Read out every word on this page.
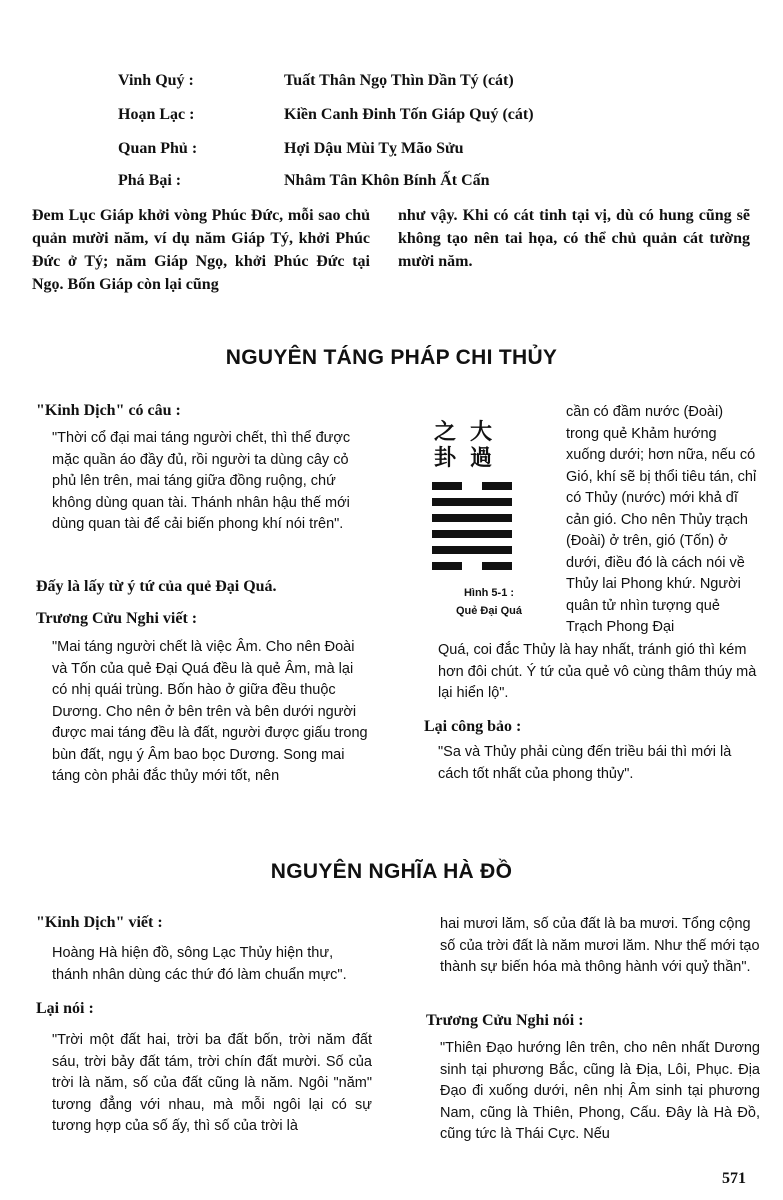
Vinh Quý :	Tuất Thân Ngọ Thìn Dần Tý (cát)
Hoạn Lạc :	Kiền Canh Đinh Tốn Giáp Quý (cát)
Quan Phủ :	Hợi Dậu Mùi Tỵ Mão Sửu
Phá Bại :	Nhâm Tân Khôn Bính Ất Cấn

Đem Lục Giáp khởi vòng Phúc Đức, mỗi sao chủ quản mười năm, ví dụ năm Giáp Tý, khởi Phúc Đức ở Tý; năm Giáp Ngọ, khởi Phúc Đức tại Ngọ. Bốn Giáp còn lại cũng

như vậy. Khi có cát tinh tại vị, dù có hung cũng sẽ không tạo nên tai họa, có thể chủ quản cát tường mười năm.

NGUYÊN TÁNG PHÁP CHI THỦY
"Kinh Dịch" có câu :

"Thời cổ đại mai táng người chết, thì thể được mặc quần áo đầy đủ, rồi người ta dùng cây cỏ phủ lên trên, mai táng giữa đồng ruộng, chứ không dùng quan tài. Thánh nhân hậu thế mới dùng quan tài để cải biến phong khí nói trên".

Đấy là lấy từ ý tứ của quẻ Đại Quá.
Trương Cửu Nghi viết :

"Mai táng người chết là việc Âm. Cho nên Đoài và Tốn của quẻ Đại Quá đều là quẻ Âm, mà lại có nhị quái trùng. Bốn hào ở giữa đều thuộc Dương. Cho nên ở bên trên và bên dưới người được mai táng đều là đất, người được giấu trong bùn đất, ngụ ý Âm bao bọc Dương. Song mai táng còn phải đắc thủy mới tốt, nên

之 大
卦 過
Hình 5-1 :
Quẻ Đại Quá

cần có đầm nước (Đoài) trong quẻ Khảm hướng xuống dưới; hơn nữa, nếu có Gió, khí sẽ bị thổi tiêu tán, chỉ có Thủy (nước) mới khả dĩ cản gió. Cho nên Thủy trạch (Đoài) ở trên, gió (Tốn) ở dưới, điều đó là cách nói về Thủy lai Phong khứ. Người quân tử nhìn tượng quẻ Trạch Phong Đại

Quá, coi đắc Thủy là hay nhất, tránh gió thì kém hơn đôi chút. Ý tứ của quẻ vô cùng thâm thúy mà lại hiển lộ".

Lại công bảo :

"Sa và Thủy phải cùng đến triều bái thì mới là cách tốt nhất của phong thủy".

NGUYÊN NGHĨA HÀ ĐỒ
"Kinh Dịch" viết :

Hoàng Hà hiện đồ, sông Lạc Thủy hiện thư, thánh nhân dùng các thứ đó làm chuẩn mực".

Lại nói :

"Trời một đất hai, trời ba đất bốn, trời năm đất sáu, trời bảy đất tám, trời chín đất mười. Số của trời là năm, số của đất cũng là năm. Ngôi "năm" tương đẳng với nhau, mà mỗi ngôi lại có sự tương hợp của số ấy, thì số của trời là

hai mươi lăm, số của đất là ba mươi. Tổng cộng số của trời đất là năm mươi lăm. Như thế mới tạo thành sự biến hóa mà thông hành với quỷ thần".

Trương Cửu Nghi nói :

"Thiên Đạo hướng lên trên, cho nên nhất Dương sinh tại phương Bắc, cũng là Địa, Lôi, Phục. Địa Đạo đi xuống dưới, nên nhị Âm sinh tại phương Nam, cũng là Thiên, Phong, Cấu. Đây là Hà Đồ, cũng tức là Thái Cực. Nếu

571
